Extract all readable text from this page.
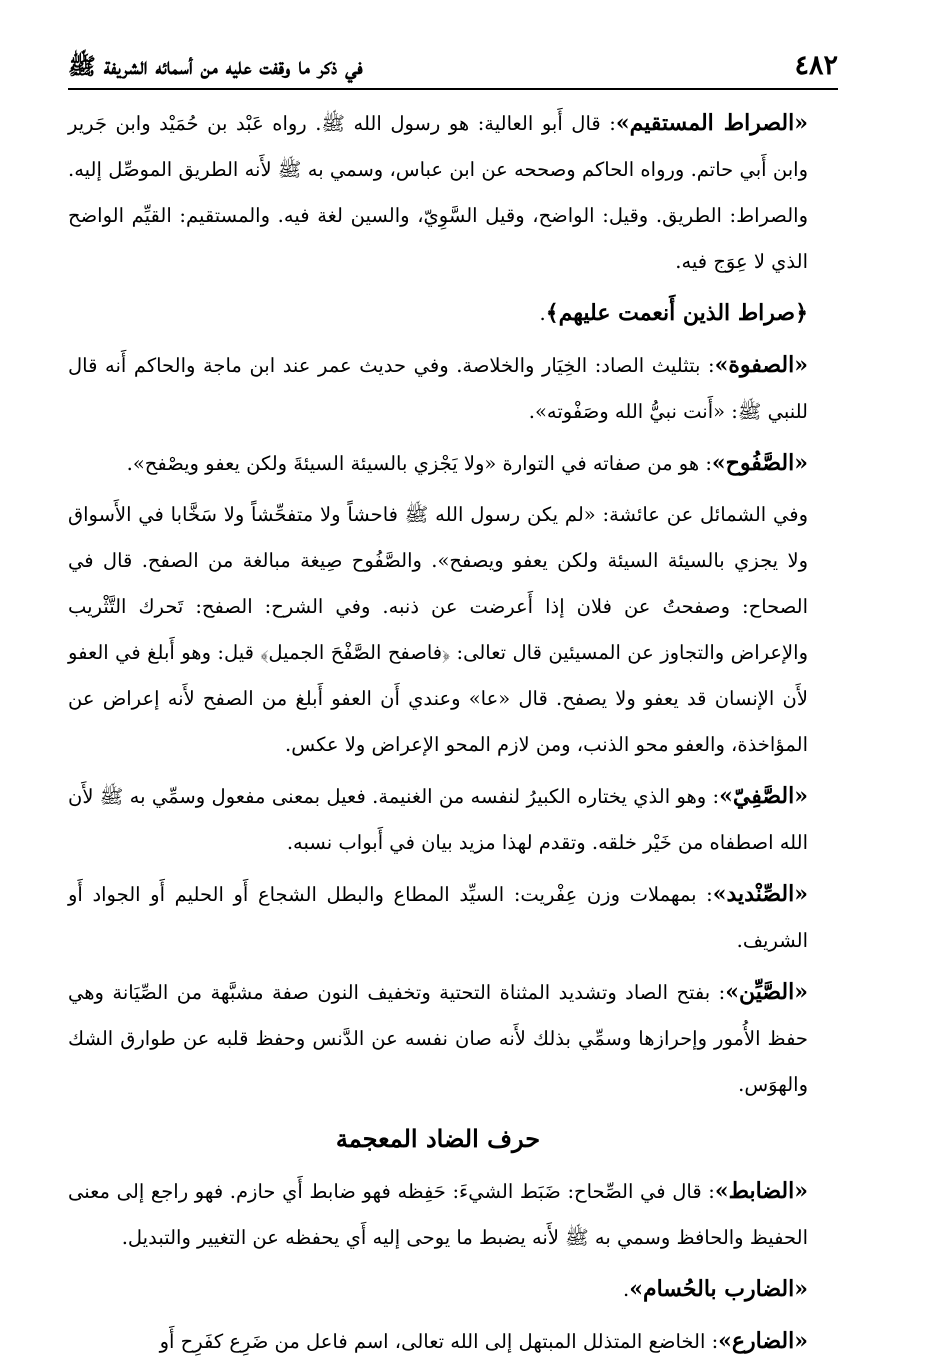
٤٨٢
في ذكر ما وقفت عليه من أسمائه الشريفة ﷺ

«الصراط المستقيم»: قال أَبو العالية: هو رسول الله ﷺ. رواه عَبْد بن حُمَيْد وابن جَرير وابن أَبي حاتم. ورواه الحاكم وصححه عن ابن عباس، وسمي به ﷺ لأَنه الطريق الموصِّل إليه. والصراط: الطريق. وقيل: الواضح، وقيل السَّوِيّ، والسين لغة فيه. والمستقيم: القيِّم الواضح الذي لا عِوَج فيه.

﴿صراط الذين أَنعمت عليهم﴾.

«الصفوة»: بتثليث الصاد: الخِيَار والخلاصة. وفي حديث عمر عند ابن ماجة والحاكم أَنه قال للنبي ﷺ: «أَنت نبيُّ الله وصَفْوته».

«الصَّفُوح»: هو من صفاته في التوارة «ولا يَجْزي بالسيئة السيئةَ ولكن يعفو ويصْفح».

وفي الشمائل عن عائشة: «لم يكن رسول الله ﷺ فاحشاً ولا متفحِّشاً ولا سَخَّابا في الأَسواق ولا يجزي بالسيئة السيئة ولكن يعفو ويصفح». والصَّفُوح صِيغة مبالغة من الصفح. قال في الصحاح: وصفحتُ عن فلان إذا أَعرضت عن ذنبه. وفي الشرح: الصفح: تَحرك التَّثْريب والإعراض والتجاوز عن المسيئين قال تعالى: ﴿فاصفح الصَّفْحَ الجميل﴾ قيل: وهو أَبلغ في العفو لأَن الإنسان قد يعفو ولا يصفح. قال «عا» وعندي أَن العفو أَبلغ من الصفح لأَنه إعراض عن المؤاخذة، والعفو محو الذنب، ومن لازم المحو الإعراض ولا عكس.

«الصَّفِيّ»: وهو الذي يختاره الكبيرُ لنفسه من الغنيمة. فعيل بمعنى مفعول وسمِّي به ﷺ لأَن الله اصطفاه من خَيْر خلقه. وتقدم لهذا مزيد بيان في أَبواب نسبه.

«الصِّنْديد»: بمهملات وزن عِفْريت: السيِّد المطاع والبطل الشجاع أَو الحليم أَو الجواد أَو الشريف.

«الصَّيِّن»: بفتح الصاد وتشديد المثناة التحتية وتخفيف النون صفة مشبَّهة من الصِّيَانة وهي حفظ الأُمور وإحرازها وسمِّي بذلك لأَنه صان نفسه عن الدَّنس وحفظ قلبه عن طوارق الشك والهوَس.

حرف الضاد المعجمة

«الضابط»: قال في الصِّحاح: ضَبَط الشيءَ: حَفِظه فهو ضابط أَي حازم. فهو راجع إلى معنى الحفيظ والحافظ وسمي به ﷺ لأَنه يضبط ما يوحى إليه أَي يحفظه عن التغيير والتبديل.

«الضارب بالحُسام».

«الضارع»: الخاضع المتذلل المبتهل إلى الله تعالى، اسم فاعل من ضَرِع كفَرِح أَو
